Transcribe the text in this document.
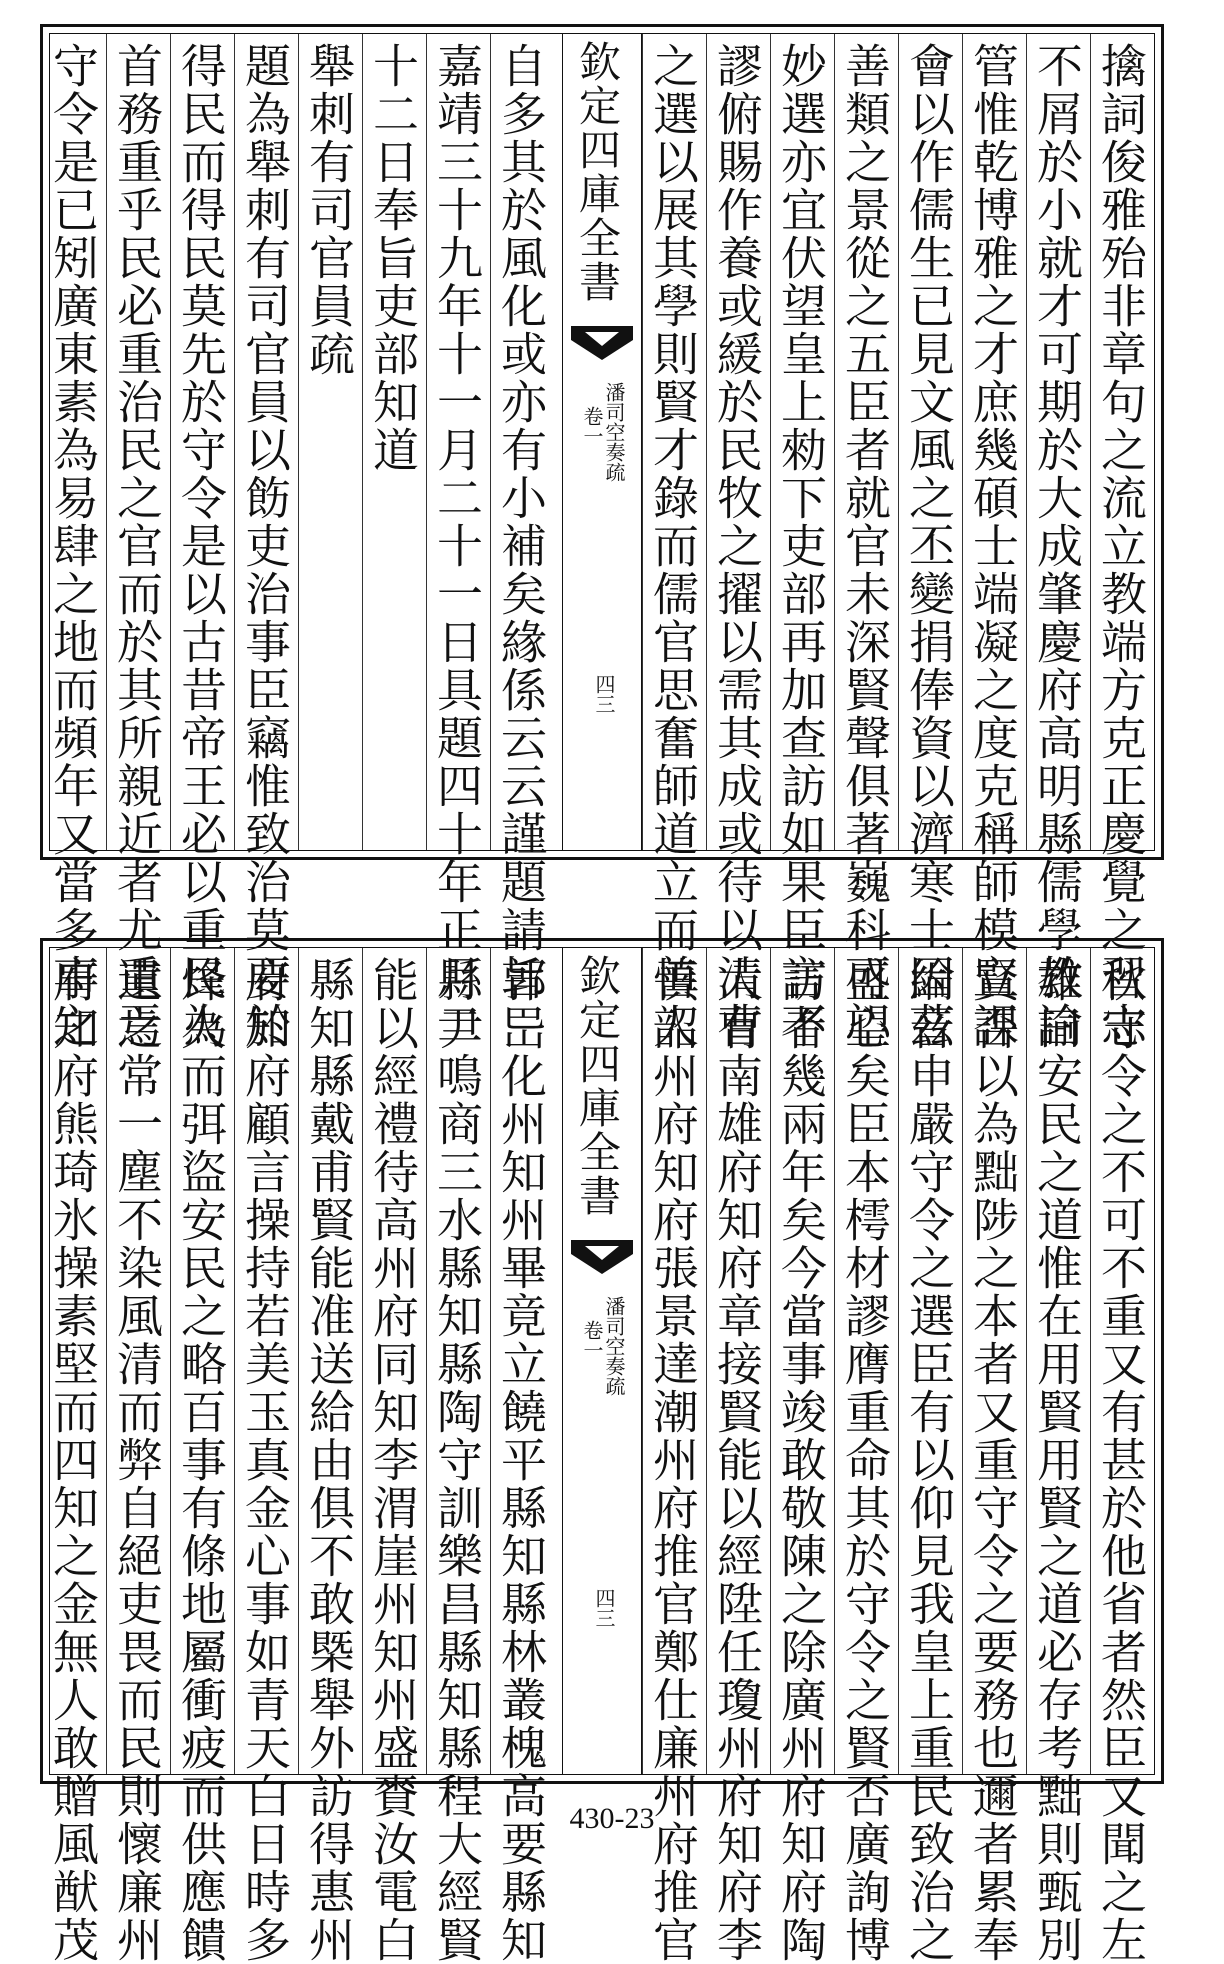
擒詞俊雅殆非章句之流立教端方克正慶覺之習志
不屑於小就才可期於大成肇慶府高明縣儒學教諭
管惟乾博雅之才庶幾碩士端凝之度克稱師模立課
會以作儒生已見文風之丕變捐俸資以濟寒士因茲
善類之景從之五臣者就官未深賢聲俱著巍科可望
妙選亦宜伏望皇上勑下吏部再加查訪如果臣言不
謬俯賜作養或緩於民牧之擢以需其成或待以清曹
之選以展其學則賢才錄而儒官思奮師道立而善人
欽定四庫全書
潘司空奏疏
卷一
四三
自多其於風化或亦有小補矣緣係云云謹題請旨
嘉靖三十九年十一月二十一日具題四十年正月二
十二日奉旨吏部知道
舉刺有司官員疏
題為舉刺有司官員以飭吏治事臣竊惟致治莫要於
得民而得民莫先於守令是以古昔帝王必以重民為
首務重乎民必重治民之官而於其所親近者尤重焉
守令是已矧廣東素為易肆之地而頻年又當多事之
秋守令之不可不重又有甚於他省者然臣又聞之左
雄曰安民之道惟在用賢用賢之道必存考黜則甄別
賢否以為黜陟之本者又重守令之要務也邇者累奉
綸音申嚴守令之選臣有以仰見我皇上重民致治之
盛心矣臣本樗材謬膺重命其於守令之賢否廣詢博
訪者幾兩年矣今當事竣敢敬陳之除廣州府知府陶
大有南雄府知府章接賢能以經陞任瓊州府知府李
慎韶州府知府張景達潮州府推官鄭仕廉州府推官
欽定四庫全書
潘司空奏疏
卷一
四三
郭岊化州知州畢竟立饒平縣知縣林叢槐高要縣知
縣尹鳴商三水縣知縣陶守訓樂昌縣知縣程大經賢
能以經禮待高州府同知李渭崖州知州盛賚汝電白
縣知縣戴甫賢能准送給由俱不敢槩舉外訪得惠州
府知府顧言操持若美玉真金心事如青天白日時多
烽火而弭盜安民之略百事有條地屬衝疲而供應饋
遺之常一塵不染風清而弊自絕吏畏而民則懷廉州
府知府熊琦氷操素堅而四知之金無人敢贈風猷茂	430-23
